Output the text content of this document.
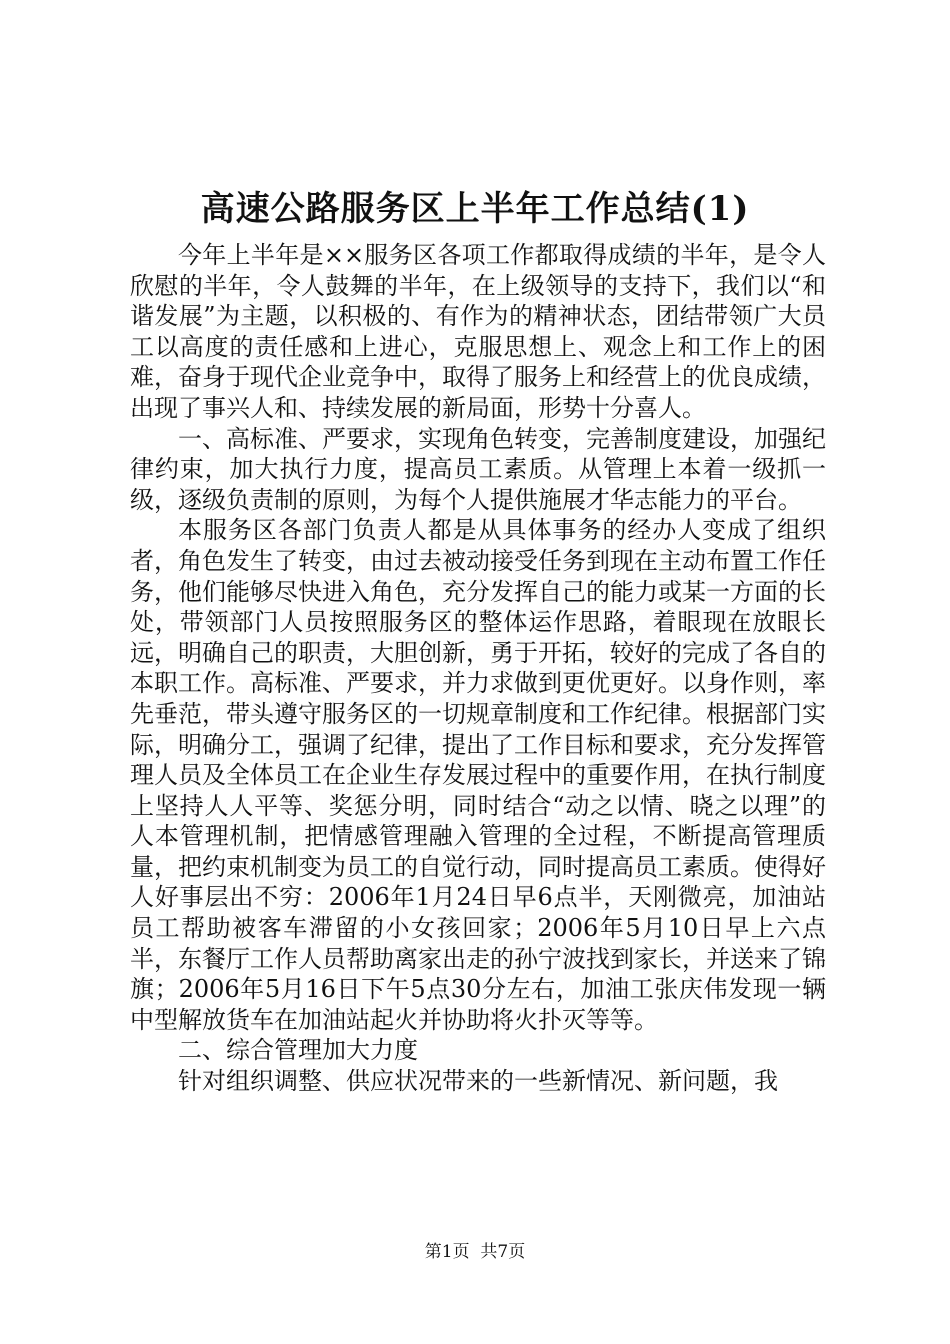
高速公路服务区上半年工作总结(1)

今年上半年是××服务区各项工作都取得成绩的半年，是令人欣慰的半年，令人鼓舞的半年，在上级领导的支持下，我们以“和谐发展”为主题，以积极的、有作为的精神状态，团结带领广大员工以高度的责任感和上进心，克服思想上、观念上和工作上的困难，奋身于现代企业竞争中，取得了服务上和经营上的优良成绩，出现了事兴人和、持续发展的新局面，形势十分喜人。

一、高标准、严要求，实现角色转变，完善制度建设，加强纪律约束，加大执行力度，提高员工素质。从管理上本着一级抓一级，逐级负责制的原则，为每个人提供施展才华志能力的平台。

本服务区各部门负责人都是从具体事务的经办人变成了组织者，角色发生了转变，由过去被动接受任务到现在主动布置工作任务，他们能够尽快进入角色，充分发挥自己的能力或某一方面的长处，带领部门人员按照服务区的整体运作思路，着眼现在放眼长远，明确自己的职责，大胆创新，勇于开拓，较好的完成了各自的本职工作。高标准、严要求，并力求做到更优更好。以身作则，率先垂范，带头遵守服务区的一切规章制度和工作纪律。根据部门实际，明确分工，强调了纪律，提出了工作目标和要求，充分发挥管理人员及全体员工在企业生存发展过程中的重要作用，在执行制度上坚持人人平等、奖惩分明，同时结合“动之以情、晓之以理”的人本管理机制，把情感管理融入管理的全过程，不断提高管理质量，把约束机制变为员工的自觉行动，同时提高员工素质。使得好人好事层出不穷：2006年1月24日早6点半，天刚微亮，加油站员工帮助被客车滞留的小女孩回家；2006年5月10日早上六点半，东餐厅工作人员帮助离家出走的孙宁波找到家长，并送来了锦旗；2006年5月16日下午5点30分左右，加油工张庆伟发现一辆中型解放货车在加油站起火并协助将火扑灭等等。

二、综合管理加大力度

针对组织调整、供应状况带来的一些新情况、新问题，我

第1页  共7页
